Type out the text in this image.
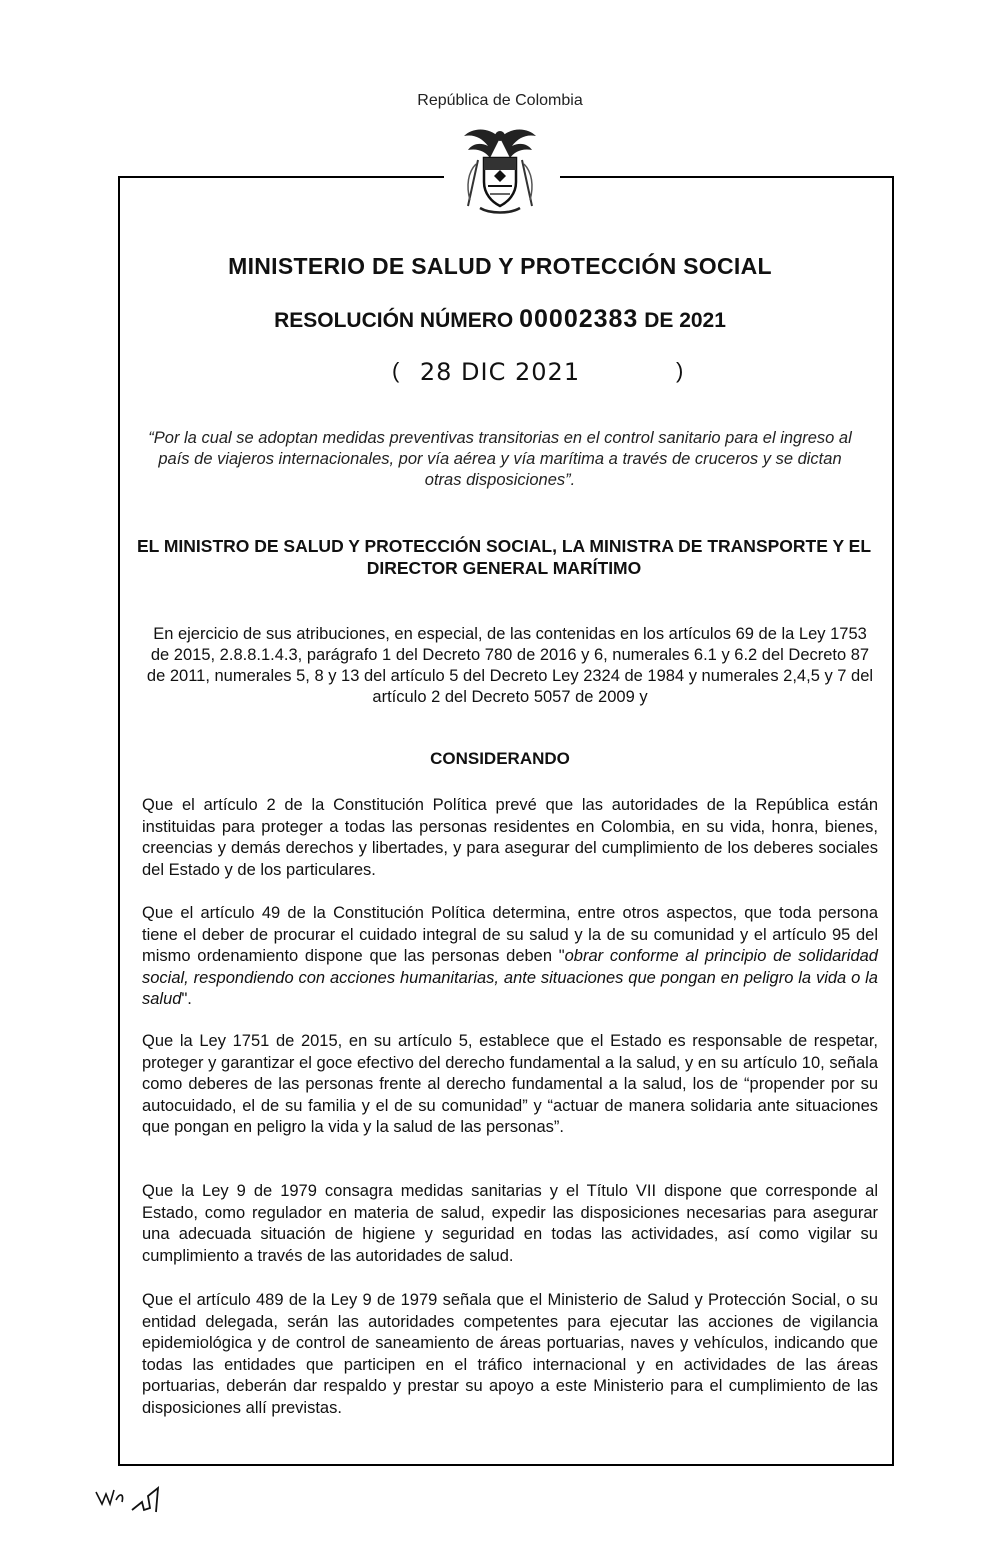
República de Colombia
MINISTERIO DE SALUD Y PROTECCIÓN SOCIAL
RESOLUCIÓN NÚMERO 00002383 DE 2021
( 28 DIC 2021	)
“Por la cual se adoptan medidas preventivas transitorias en el control sanitario para el ingreso al país de viajeros internacionales, por vía aérea y vía marítima a través de cruceros y se dictan otras disposiciones”.
EL MINISTRO DE SALUD Y PROTECCIÓN SOCIAL, LA MINISTRA DE TRANSPORTE Y EL DIRECTOR GENERAL MARÍTIMO
En ejercicio de sus atribuciones, en especial, de las contenidas en los artículos 69 de la Ley 1753 de 2015, 2.8.8.1.4.3, parágrafo 1 del Decreto 780 de 2016 y 6, numerales 6.1 y 6.2 del Decreto 87 de 2011, numerales 5, 8 y 13 del artículo 5 del Decreto Ley 2324 de 1984 y numerales 2,4,5 y 7 del artículo 2 del Decreto 5057 de 2009 y
CONSIDERANDO
Que el artículo 2 de la Constitución Política prevé que las autoridades de la República están instituidas para proteger a todas las personas residentes en Colombia, en su vida, honra, bienes, creencias y demás derechos y libertades, y para asegurar del cumplimiento de los deberes sociales del Estado y de los particulares.
Que el artículo 49 de la Constitución Política determina, entre otros aspectos, que toda persona tiene el deber de procurar el cuidado integral de su salud y la de su comunidad y el artículo 95 del mismo ordenamiento dispone que las personas deben "obrar conforme al principio de solidaridad social, respondiendo con acciones humanitarias, ante situaciones que pongan en peligro la vida o la salud".
Que la Ley 1751 de 2015, en su artículo 5, establece que el Estado es responsable de respetar, proteger y garantizar el goce efectivo del derecho fundamental a la salud, y en su artículo 10, señala como deberes de las personas frente al derecho fundamental a la salud, los de “propender por su autocuidado, el de su familia y el de su comunidad” y “actuar de manera solidaria ante situaciones que pongan en peligro la vida y la salud de las personas”.
Que la Ley 9 de 1979 consagra medidas sanitarias y el Título VII dispone que corresponde al Estado, como regulador en materia de salud, expedir las disposiciones necesarias para asegurar una adecuada situación de higiene y seguridad en todas las actividades, así como vigilar su cumplimiento a través de las autoridades de salud.
Que el artículo 489 de la Ley 9 de 1979 señala que el Ministerio de Salud y Protección Social, o su entidad delegada, serán las autoridades competentes para ejecutar las acciones de vigilancia epidemiológica y de control de saneamiento de áreas portuarias, naves y vehículos, indicando que todas las entidades que participen en el tráfico internacional y en actividades de las áreas portuarias, deberán dar respaldo y prestar su apoyo a este Ministerio para el cumplimiento de las disposiciones allí previstas.
